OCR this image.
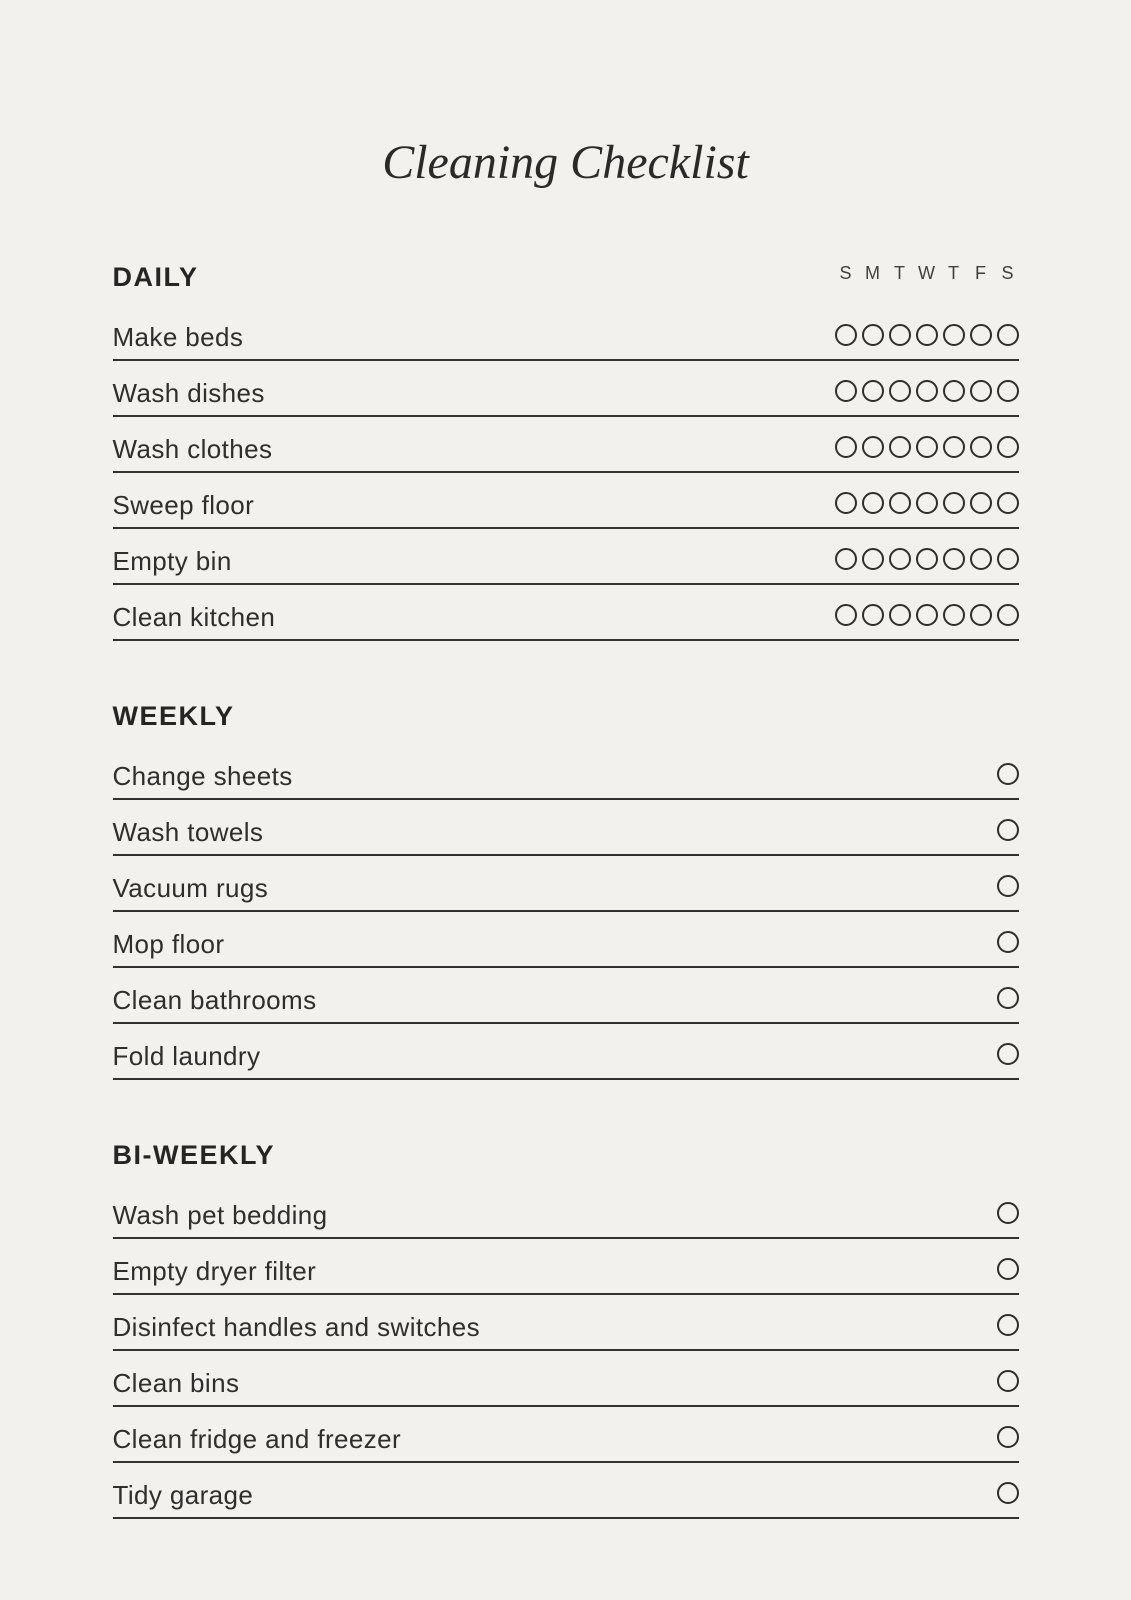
Cleaning Checklist
DAILY	S M T W T F S
Make beds
Wash dishes
Wash clothes
Sweep floor
Empty bin
Clean kitchen
WEEKLY
Change sheets
Wash towels
Vacuum rugs
Mop floor
Clean bathrooms
Fold laundry
BI-WEEKLY
Wash pet bedding
Empty dryer filter
Disinfect handles and switches
Clean bins
Clean fridge and freezer
Tidy garage
